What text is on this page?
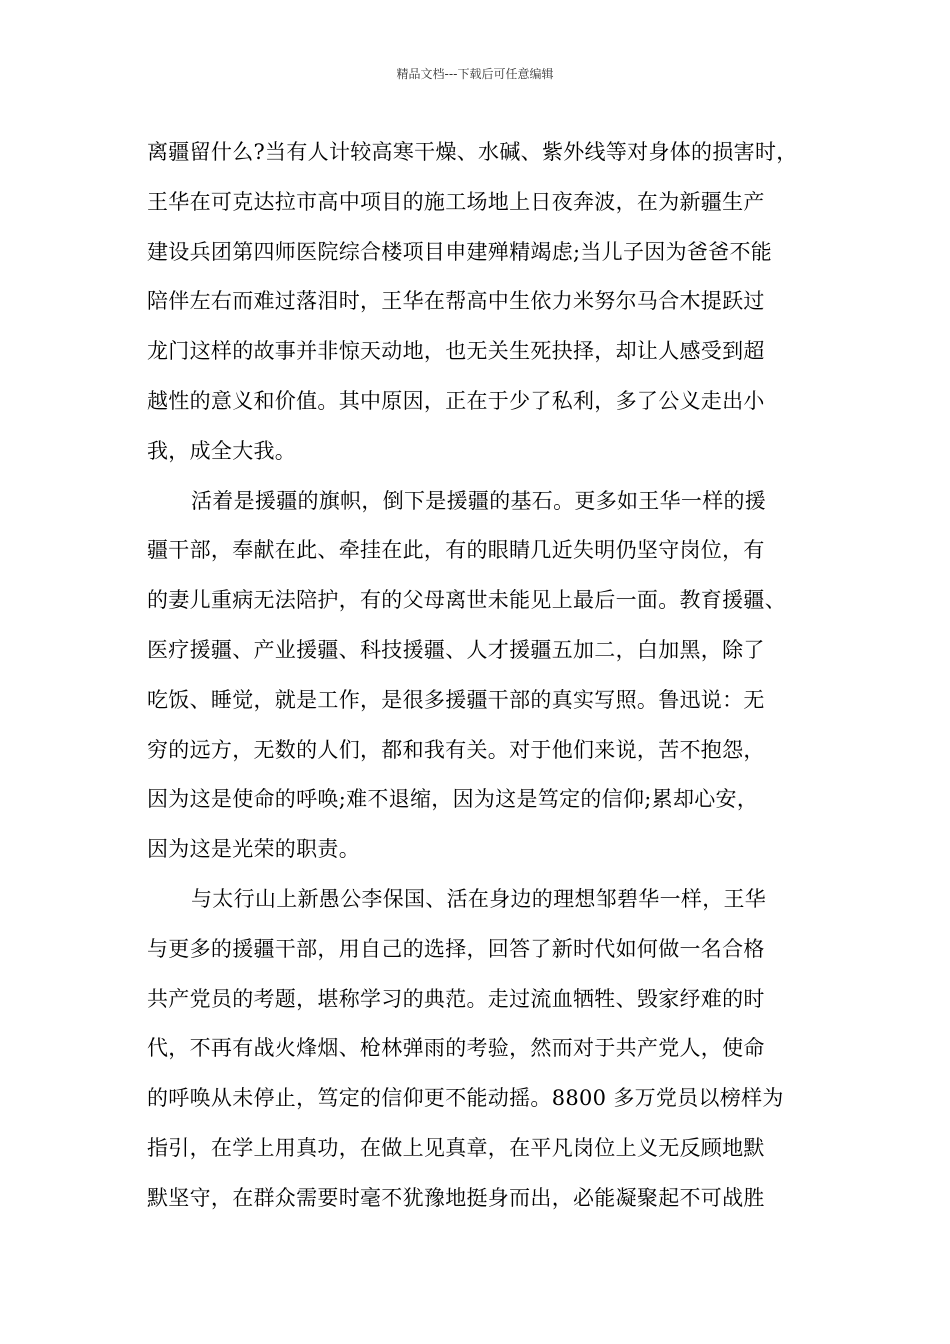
精品文档---下载后可任意编辑
离疆留什么?当有人计较高寒干燥、水碱、紫外线等对身体的损害时，
王华在可克达拉市高中项目的施工场地上日夜奔波，在为新疆生产
建设兵团第四师医院综合楼项目申建殚精竭虑;当儿子因为爸爸不能
陪伴左右而难过落泪时，王华在帮高中生依力米努尔马合木提跃过
龙门这样的故事并非惊天动地，也无关生死抉择，却让人感受到超
越性的意义和价值。其中原因，正在于少了私利，多了公义走出小
我，成全大我。
活着是援疆的旗帜，倒下是援疆的基石。更多如王华一样的援
疆干部，奉献在此、牵挂在此，有的眼睛几近失明仍坚守岗位，有
的妻儿重病无法陪护，有的父母离世未能见上最后一面。教育援疆、
医疗援疆、产业援疆、科技援疆、人才援疆五加二，白加黑，除了
吃饭、睡觉，就是工作，是很多援疆干部的真实写照。鲁迅说：无
穷的远方，无数的人们，都和我有关。对于他们来说，苦不抱怨，
因为这是使命的呼唤;难不退缩，因为这是笃定的信仰;累却心安，
因为这是光荣的职责。
与太行山上新愚公李保国、活在身边的理想邹碧华一样，王华
与更多的援疆干部，用自己的选择，回答了新时代如何做一名合格
共产党员的考题，堪称学习的典范。走过流血牺牲、毁家纾难的时
代，不再有战火烽烟、枪林弹雨的考验，然而对于共产党人，使命
的呼唤从未停止，笃定的信仰更不能动摇。8800 多万党员以榜样为
指引，在学上用真功，在做上见真章，在平凡岗位上义无反顾地默
默坚守，在群众需要时毫不犹豫地挺身而出，必能凝聚起不可战胜
